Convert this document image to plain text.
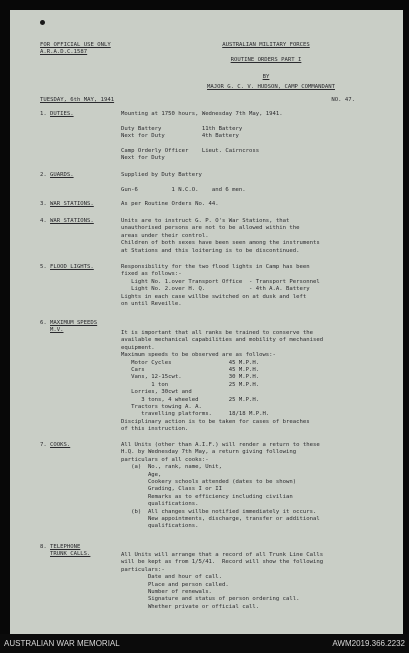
FOR OFFICIAL USE ONLY
A.R.A.D.C.1587
AUSTRALIAN MILITARY FORCES
ROUTINE ORDERS PART I
BY
MAJOR G. C. V. HUDSON, CAMP COMMANDANT
TUESDAY, 6th MAY, 1941	NO. 47.
1. DUTIES.	Mounting at 1750 hours, Wednesday 7th May, 1941.

Duty Battery            11th Battery
Next for Duty           4th Battery

Camp Orderly Officer    Lieut. Cairncross
Next for Duty
2. GUARDS.	Supplied by Duty Battery

Gun-6          1 N.C.O.    and 6 men.
3. WAR STATIONS.	As per Routine Orders No. 44.
4. WAR STATIONS.	Units are to instruct G. P. O's War Stations, that
unauthorised persons are not to be allowed within the
areas under their control.
Children of both sexes have been seen among the instruments
at Stations and this loitering is to be discontinued.
5. FLOOD LIGHTS.	Responsibility for the two flood lights in Camp has been
fixed as follows:-
Light No. 1.over Transport Office  - Transport Personnel
Light No. 2.over H. Q.             - 4th A.A. Battery
Lights in each case willbe switched on at dusk and left
on until Reveille.
6. MAXIMUM SPEEDS
M.V.	It is important that all ranks be trained to conserve the
available mechanical capabilities and mobility of mechanised
equipment.
Maximum speeds to be observed are as follows:-
Motor Cycles                 45 M.P.H.
Cars                         45 M.P.H.
Vans, 12-15cwt.              30 M.P.H.
1 ton                  25 M.P.H.
Lorries, 30cwt and
3 tons, 4 wheeled         25 M.P.H.
Tractors towing A. A.
travelling platforms.     18/18 M.P.H.
Disciplinary action is to be taken for cases of breaches
of this instruction.
7. COOKS.	All Units (other than A.I.F.) will render a return to these
H.Q. by Wednesday 7th May, a return giving following
particulars of all cooks:-
(a)  No., rank, name, Unit,
Age,
Cookery schools attended (dates to be shown)
Grading, Class I or II
Remarks as to efficiency including civilian
qualifications.
(b)  All changes willbe notified immediately it occurs.
New appointments, discharge, transfer or additional
qualifications.
8. TELEPHONE
TRUNK CALLS.	All Units will arrange that a record of all Trunk Line Calls
will be kept as from 1/5/41.  Record will show the following
particulars:-
Date and hour of call.
Place and person called.
Number of renewals.
Signature and status of person ordering call.
Whether private or official call.
AUSTRALIAN WAR MEMORIAL	AWM2019.366.2232
